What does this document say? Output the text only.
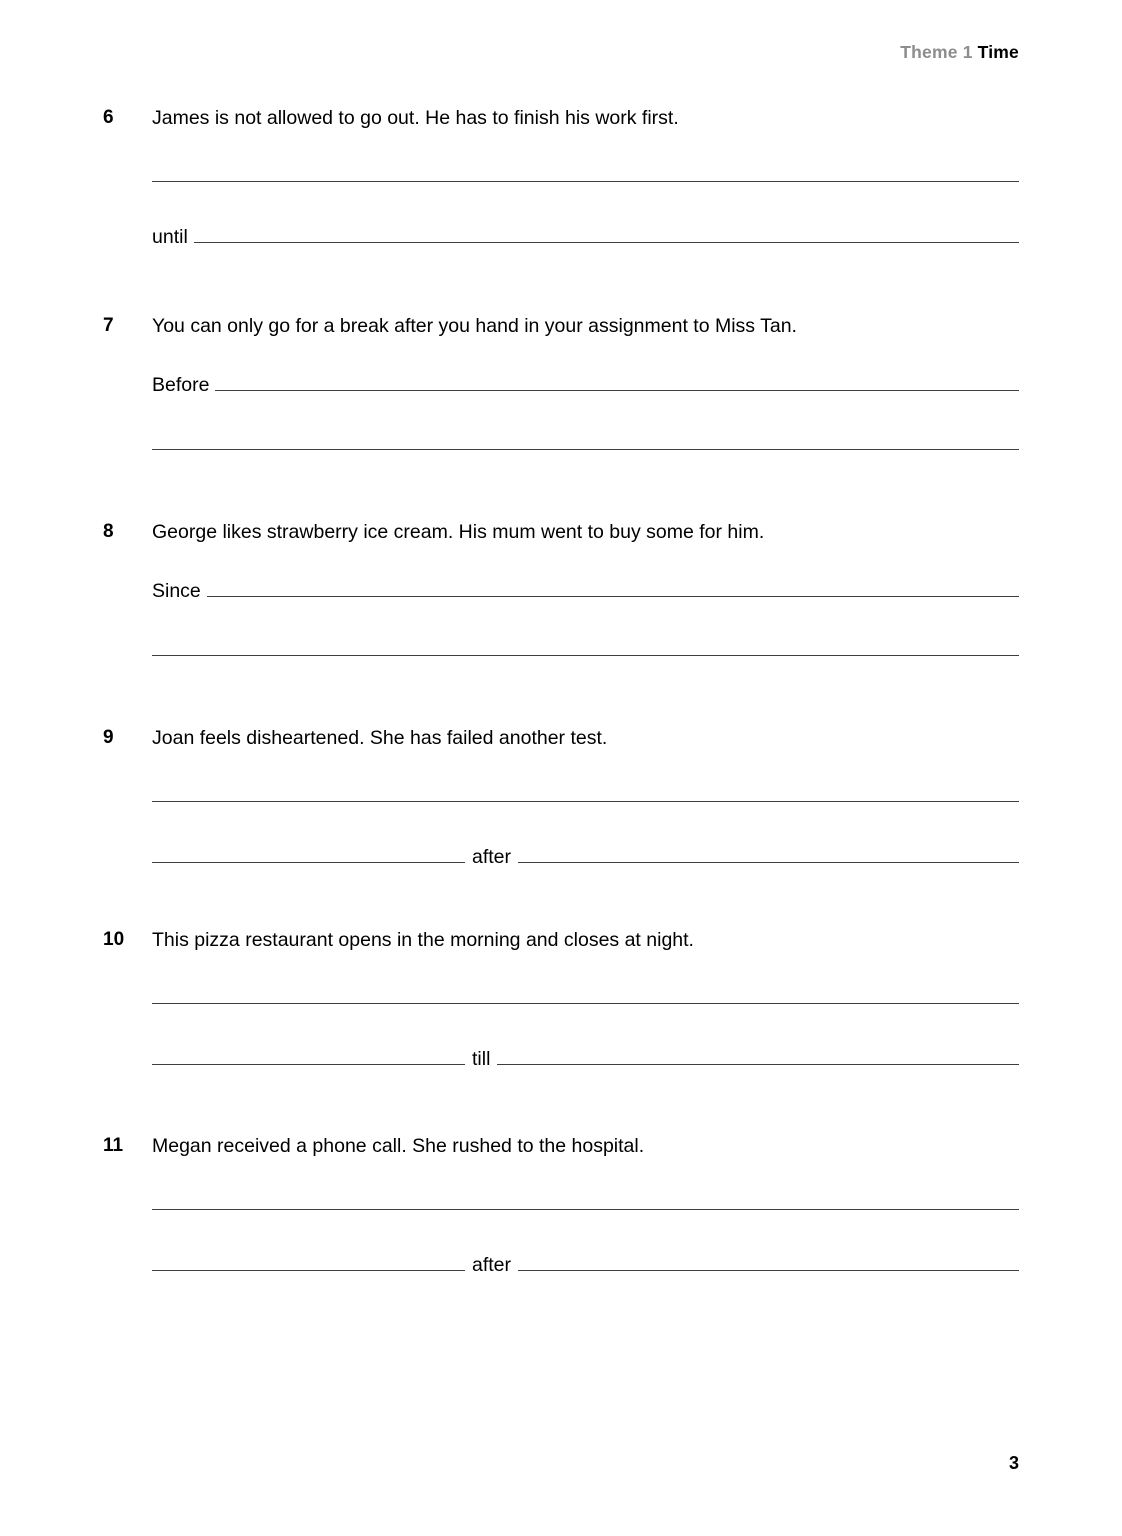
Theme 1 Time
6	James is not allowed to go out. He has to finish his work first.
until
7	You can only go for a break after you hand in your assignment to Miss Tan.
Before
8	George likes strawberry ice cream. His mum went to buy some for him.
Since
9	Joan feels disheartened. She has failed another test.
after
10	This pizza restaurant opens in the morning and closes at night.
till
11	Megan received a phone call. She rushed to the hospital.
after
3
